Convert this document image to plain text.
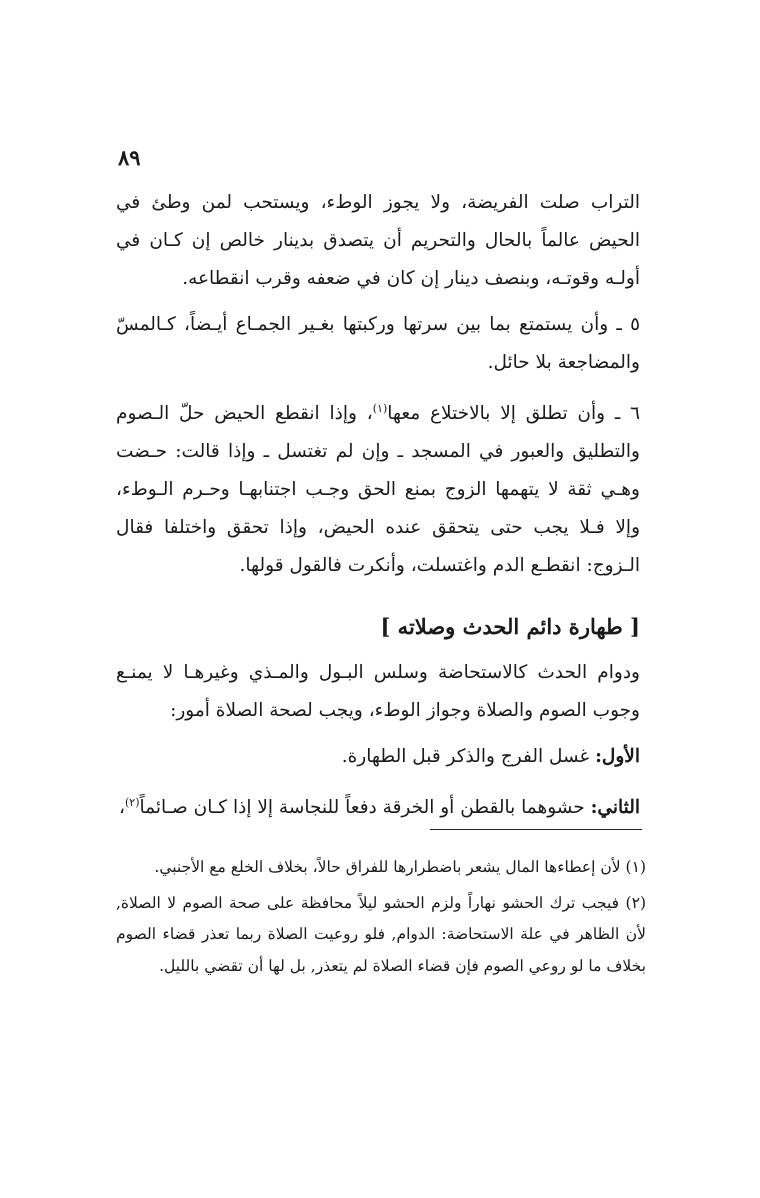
٨٩

التراب صلت الفريضة، ولا يجوز الوطء، ويستحب لمن وطئ في الحيض عالماً بالحال والتحريم أن يتصدق بدينار خالص إن كـان في أولـه وقوتـه، وبنصف دينار إن كان في ضعفه وقرب انقطاعه.

٥ ـ وأن يستمتع بما بين سرتها وركبتها بغـير الجمـاع أيـضاً، كـالمسّ والمضاجعة بلا حائل.

٦ ـ وأن تطلق إلا بالاختلاع معها$^{(١)}$، وإذا انقطع الحيض حلّ الـصوم والتطليق والعبور في المسجد ـ وإن لم تغتسل ـ وإذا قالت: حـضت وهـي ثقة لا يتهمها الزوج بمنع الحق وجـب اجتنابهـا وحـرم الـوطء، وإلا فـلا يجب حتى يتحقق عنده الحيض، وإذا تحقق واختلفا فقال الـزوج: انقطـع الدم واغتسلت، وأنكرت فالقول قولها.

[ طهارة دائم الحدث وصلاته ]

ودوام الحدث كالاستحاضة وسلس البـول والمـذي وغيرهـا لا يمنـع وجوب الصوم والصلاة وجواز الوطء، ويجب لصحة الصلاة أمور:

الأول: غسل الفرج والذكر قبل الطهارة.

الثاني: حشوهما بالقطن أو الخرقة دفعاً للنجاسة إلا إذا كـان صـائماً$^{(٢)}$،

(١) لأن إعطاءها المال يشعر باضطرارها للفراق حالاً، بخلاف الخلع مع الأجنبي.

(٢) فيجب ترك الحشو نهاراً ولزم الحشو ليلاً محافظة على صحة الصوم لا الصلاة, لأن الظاهر في علة الاستحاضة: الدوام, فلو روعيت الصلاة ربما تعذر قضاء الصوم بخلاف ما لو روعي الصوم فإن قضاء الصلاة لم يتعذر, بل لها أن تقضي بالليل.
